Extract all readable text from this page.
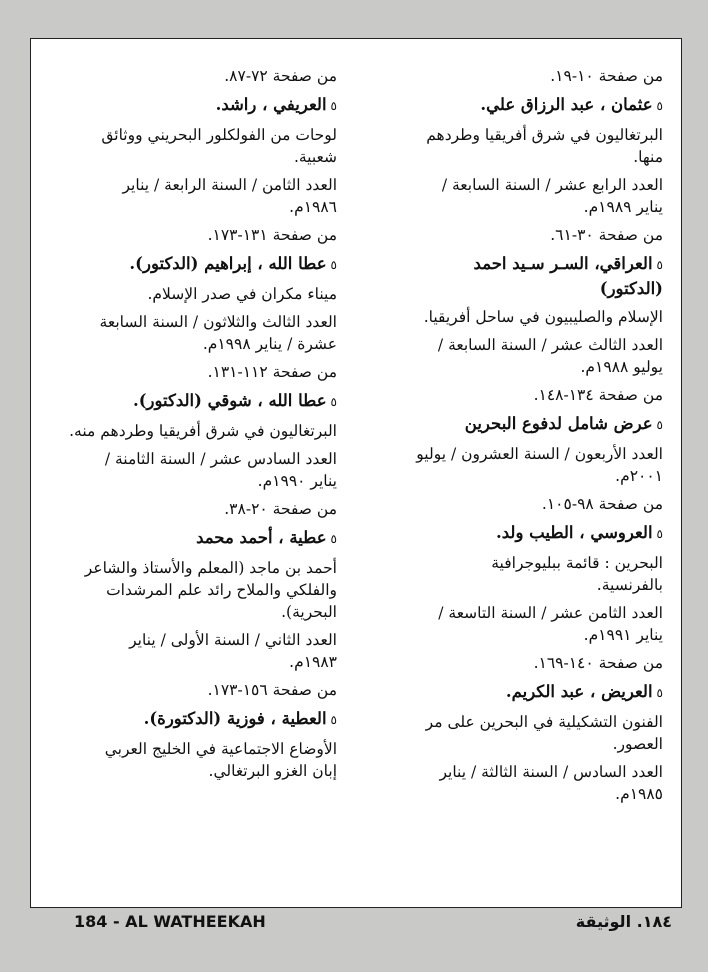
من صفحة ١٠-١٩.
٥عثمان ، عبد الرزاق علي.
البرتغاليون في شرق أفريقيا وطردهم
منها.
العدد الرابع عشر / السنة السابعة /
يناير ١٩٨٩م.
من صفحة ٣٠-٦١.
٥العراقي، السـر سـيد احمد
(الدكتور)
الإسلام والصليبيون في ساحل أفريقيا.
العدد الثالث عشر / السنة السابعة /
يوليو ١٩٨٨م.
من صفحة ١٣٤-١٤٨.
٥عرض شامل لدفوع البحرين
العدد الأربعون / السنة العشرون / يوليو
٢٠٠١م.
من صفحة ٩٨-١٠٥.
٥العروسي ، الطيب ولد.
البحرين : قائمة ببليوجرافية
بالفرنسية.
العدد الثامن عشر / السنة التاسعة /
يناير ١٩٩١م.
من صفحة ١٤٠-١٦٩.
٥العريض ، عبد الكريم.
الفنون التشكيلية في البحرين على مر
العصور.
العدد السادس / السنة الثالثة / يناير
١٩٨٥م.
من صفحة ٧٢-٨٧.
٥العريفي ، راشد.
لوحات من الفولكلور البحريني ووثائق
شعبية.
العدد الثامن / السنة الرابعة / يناير
١٩٨٦م.
من صفحة ١٣١-١٧٣.
٥عطا الله ، إبراهيم (الدكتور).
ميناء مكران في صدر الإسلام.
العدد الثالث والثلاثون / السنة السابعة
عشرة / يناير ١٩٩٨م.
من صفحة ١١٢-١٣١.
٥عطا الله ، شوقي (الدكتور).
البرتغاليون في شرق أفريقيا وطردهم منه.
العدد السادس عشر / السنة الثامنة /
يناير ١٩٩٠م.
من صفحة ٢٠-٣٨.
٥عطية ، أحمد محمد
أحمد بن ماجد (المعلم والأستاذ والشاعر
والفلكي والملاح رائد علم المرشدات
البحرية).
العدد الثاني / السنة الأولى / يناير
١٩٨٣م.
من صفحة ١٥٦-١٧٣.
٥العطية ، فوزية (الدكتورة).
الأوضاع الاجتماعية في الخليج العربي
إبان الغزو البرتغالي.
184 - AL WATHEEKAH	١٨٤. الوثيقة
